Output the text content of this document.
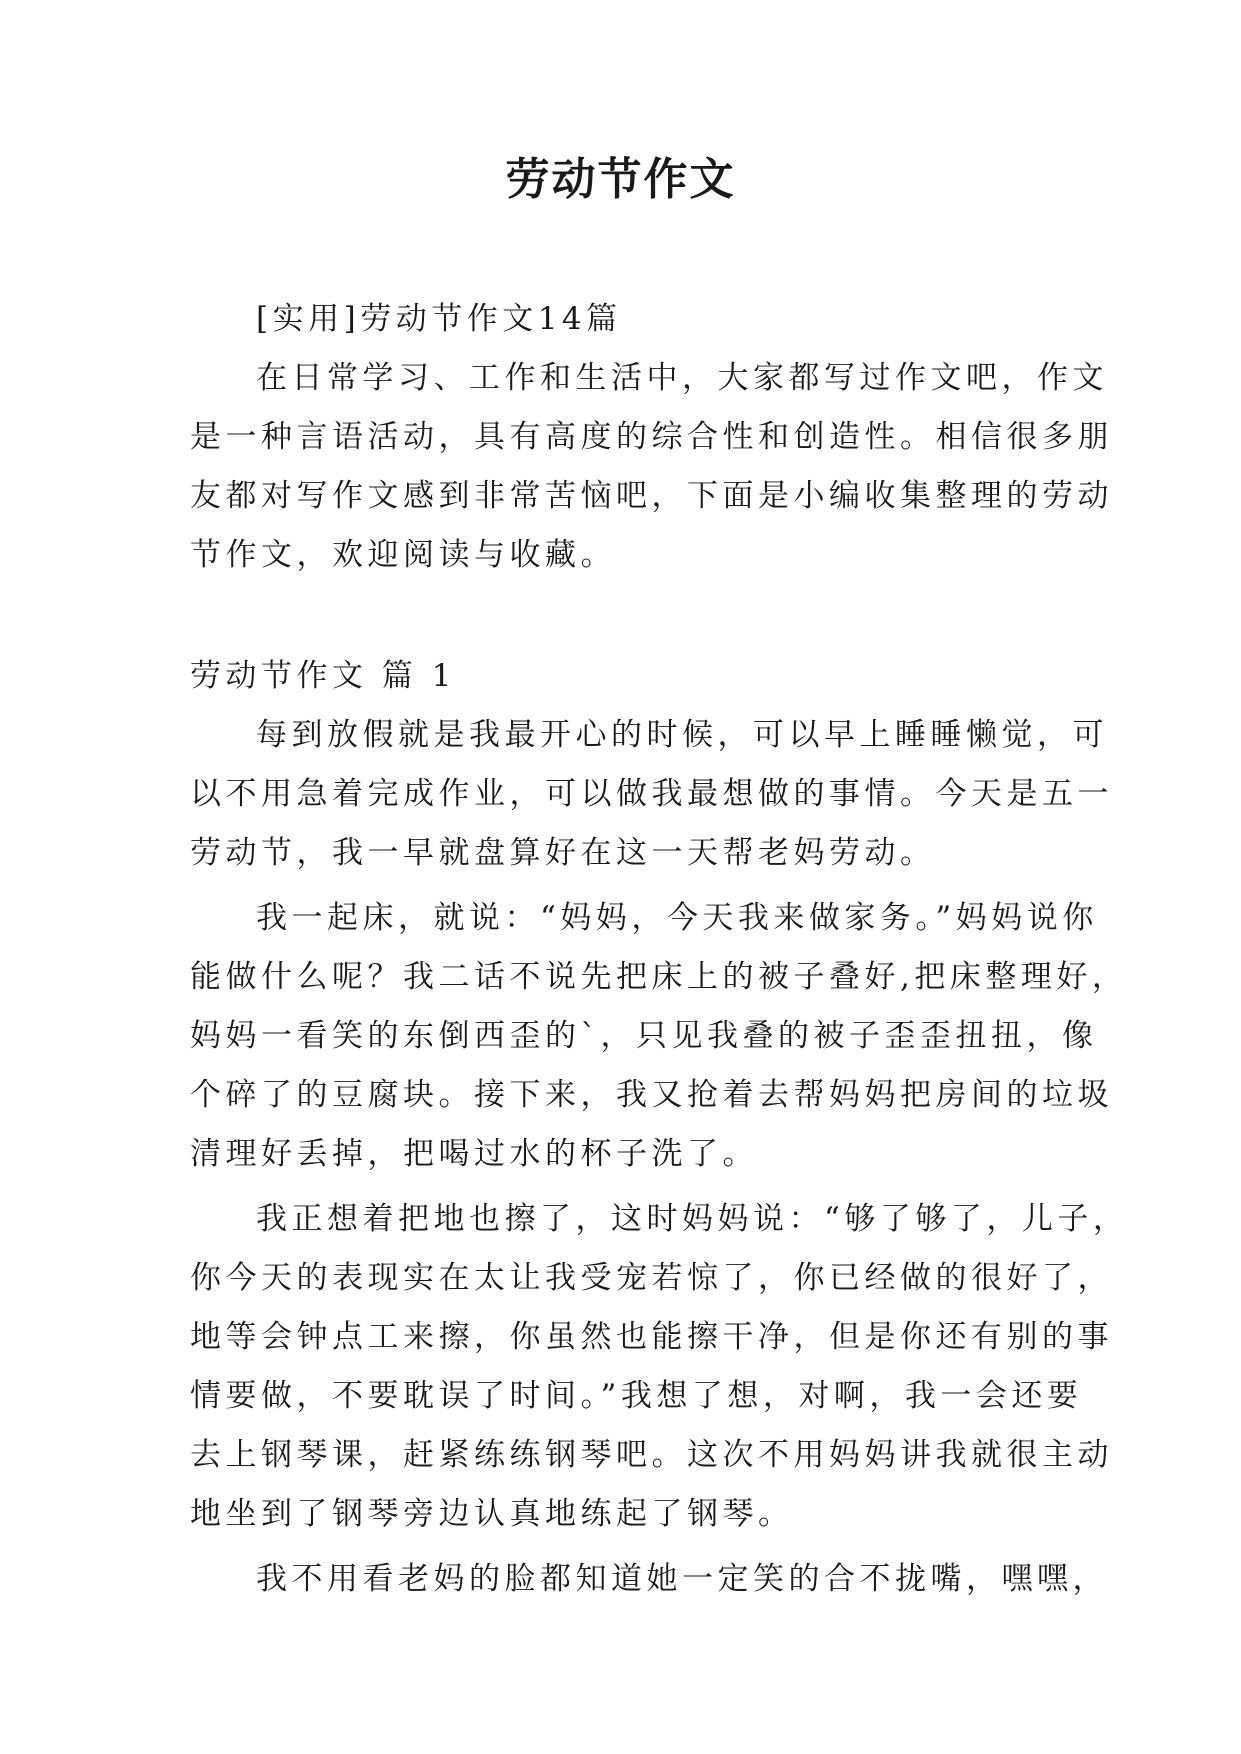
劳动节作文
[实用]劳动节作文14篇
在日常学习、工作和生活中，大家都写过作文吧，作文
是一种言语活动，具有高度的综合性和创造性。相信很多朋
友都对写作文感到非常苦恼吧，下面是小编收集整理的劳动
节作文，欢迎阅读与收藏。
劳动节作文 篇 1
每到放假就是我最开心的时候，可以早上睡睡懒觉，可
以不用急着完成作业，可以做我最想做的事情。今天是五一
劳动节，我一早就盘算好在这一天帮老妈劳动。
我一起床，就说：“妈妈，今天我来做家务。”妈妈说你
能做什么呢？我二话不说先把床上的被子叠好,把床整理好，
妈妈一看笑的东倒西歪的`，只见我叠的被子歪歪扭扭，像
个碎了的豆腐块。接下来，我又抢着去帮妈妈把房间的垃圾
清理好丢掉，把喝过水的杯子洗了。
我正想着把地也擦了，这时妈妈说：“够了够了，儿子，
你今天的表现实在太让我受宠若惊了，你已经做的很好了，
地等会钟点工来擦，你虽然也能擦干净，但是你还有别的事
情要做，不要耽误了时间。”我想了想，对啊，我一会还要
去上钢琴课，赶紧练练钢琴吧。这次不用妈妈讲我就很主动
地坐到了钢琴旁边认真地练起了钢琴。
我不用看老妈的脸都知道她一定笑的合不拢嘴，嘿嘿，
